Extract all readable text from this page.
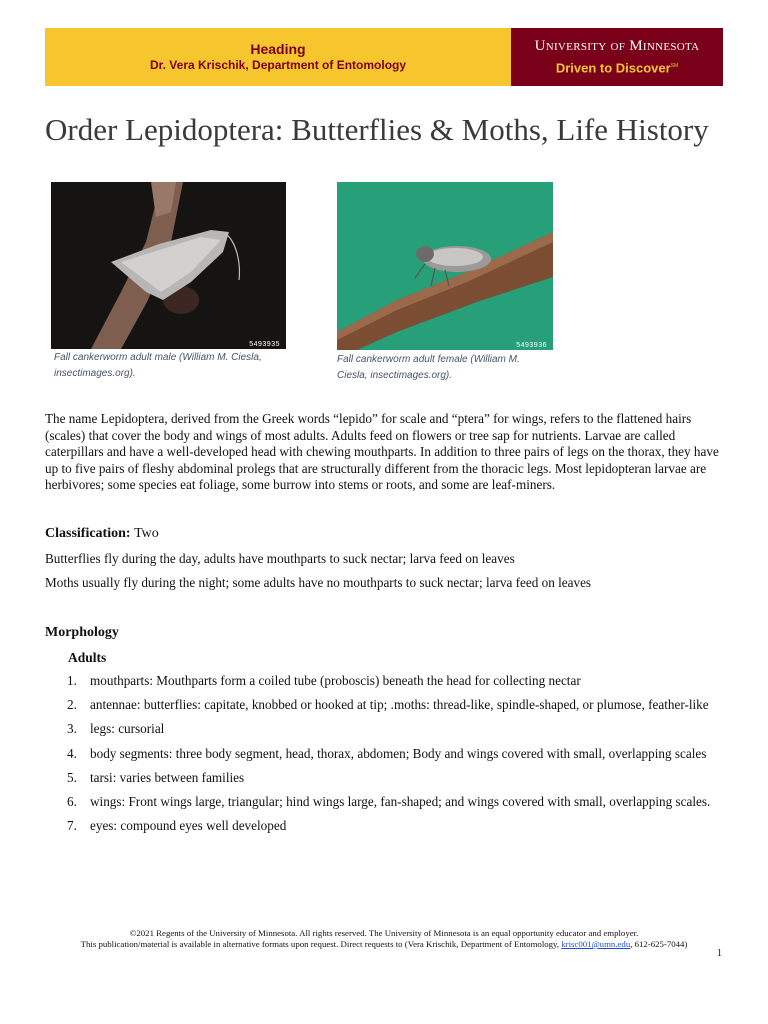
Heading
Dr. Vera Krischik, Department of Entomology
University of Minnesota
Driven to Discover℠
Order Lepidoptera: Butterflies & Moths, Life History
5493935
Fall cankerworm adult male (William M. Ciesla, insectimages.org).
5493936
Fall cankerworm adult female (William M. Ciesla, insectimages.org).

The name Lepidoptera, derived from the Greek words “lepido” for scale and “ptera” for wings, refers to the flattened hairs (scales) that cover the body and wings of most adults. Adults feed on flowers or tree sap for nutrients. Larvae are called caterpillars and have a well-developed head with chewing mouthparts. In addition to three pairs of legs on the thorax, they have up to five pairs of fleshy abdominal prolegs that are structurally different from the thoracic legs. Most lepidopteran larvae are herbivores; some species eat foliage, some burrow into stems or roots, and some are leaf-miners.

Classification: Two

Butterflies fly during the day, adults have mouthparts to suck nectar; larva feed on leaves

Moths usually fly during the night; some adults have no mouthparts to suck nectar; larva feed on leaves

Morphology
Adults
1. mouthparts: Mouthparts form a coiled tube (proboscis) beneath the head for collecting nectar
2. antennae: butterflies: capitate, knobbed or hooked at tip; .moths: thread-like, spindle-shaped, or plumose, feather-like
3. legs: cursorial
4. body segments: three body segment, head, thorax, abdomen; Body and wings covered with small, overlapping scales
5. tarsi: varies between families
6. wings: Front wings large, triangular; hind wings large, fan-shaped; and wings covered with small, overlapping scales.
7. eyes: compound eyes well developed
©2021 Regents of the University of Minnesota. All rights reserved. The University of Minnesota is an equal opportunity educator and employer.
This publication/material is available in alternative formats upon request. Direct requests to (Vera Krischik, Department of Entomology, krisc001@umn.edu, 612-625-7044)
1
